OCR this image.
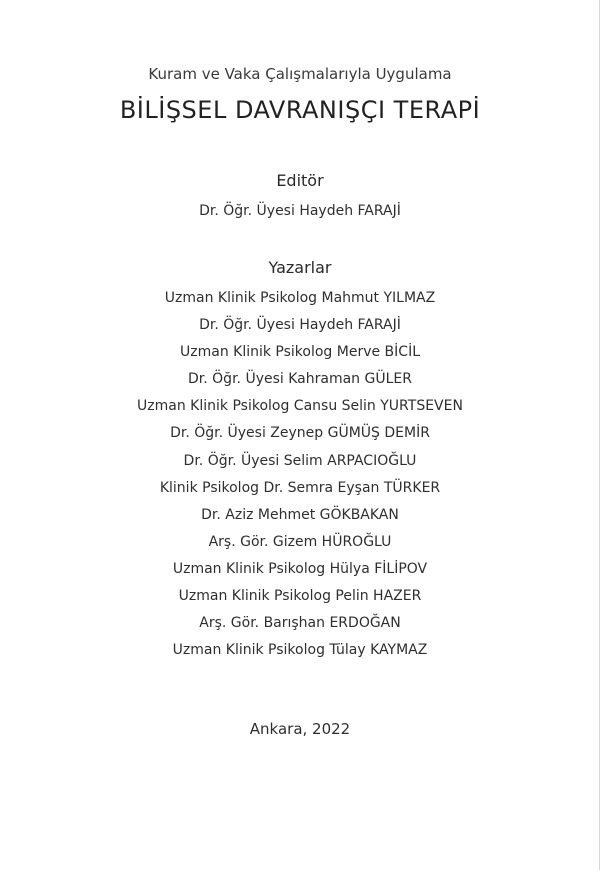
Kuram ve Vaka Çalışmalarıyla Uygulama
BİLİŞSEL DAVRANIŞÇI TERAPİ
Editör
Dr. Öğr. Üyesi Haydeh FARAJİ
Yazarlar
Uzman Klinik Psikolog Mahmut YILMAZ
Dr. Öğr. Üyesi Haydeh FARAJİ
Uzman Klinik Psikolog Merve BİCİL
Dr. Öğr. Üyesi Kahraman GÜLER
Uzman Klinik Psikolog Cansu Selin YURTSEVEN
Dr. Öğr. Üyesi Zeynep GÜMÜŞ DEMİR
Dr. Öğr. Üyesi Selim ARPACIOĞLU
Klinik Psikolog Dr. Semra Eyşan TÜRKER
Dr. Aziz Mehmet GÖKBAKAN
Arş. Gör. Gizem HÜROĞLU
Uzman Klinik Psikolog Hülya FİLİPOV
Uzman Klinik Psikolog Pelin HAZER
Arş. Gör. Barışhan ERDOĞAN
Uzman Klinik Psikolog Tülay KAYMAZ
Ankara, 2022
